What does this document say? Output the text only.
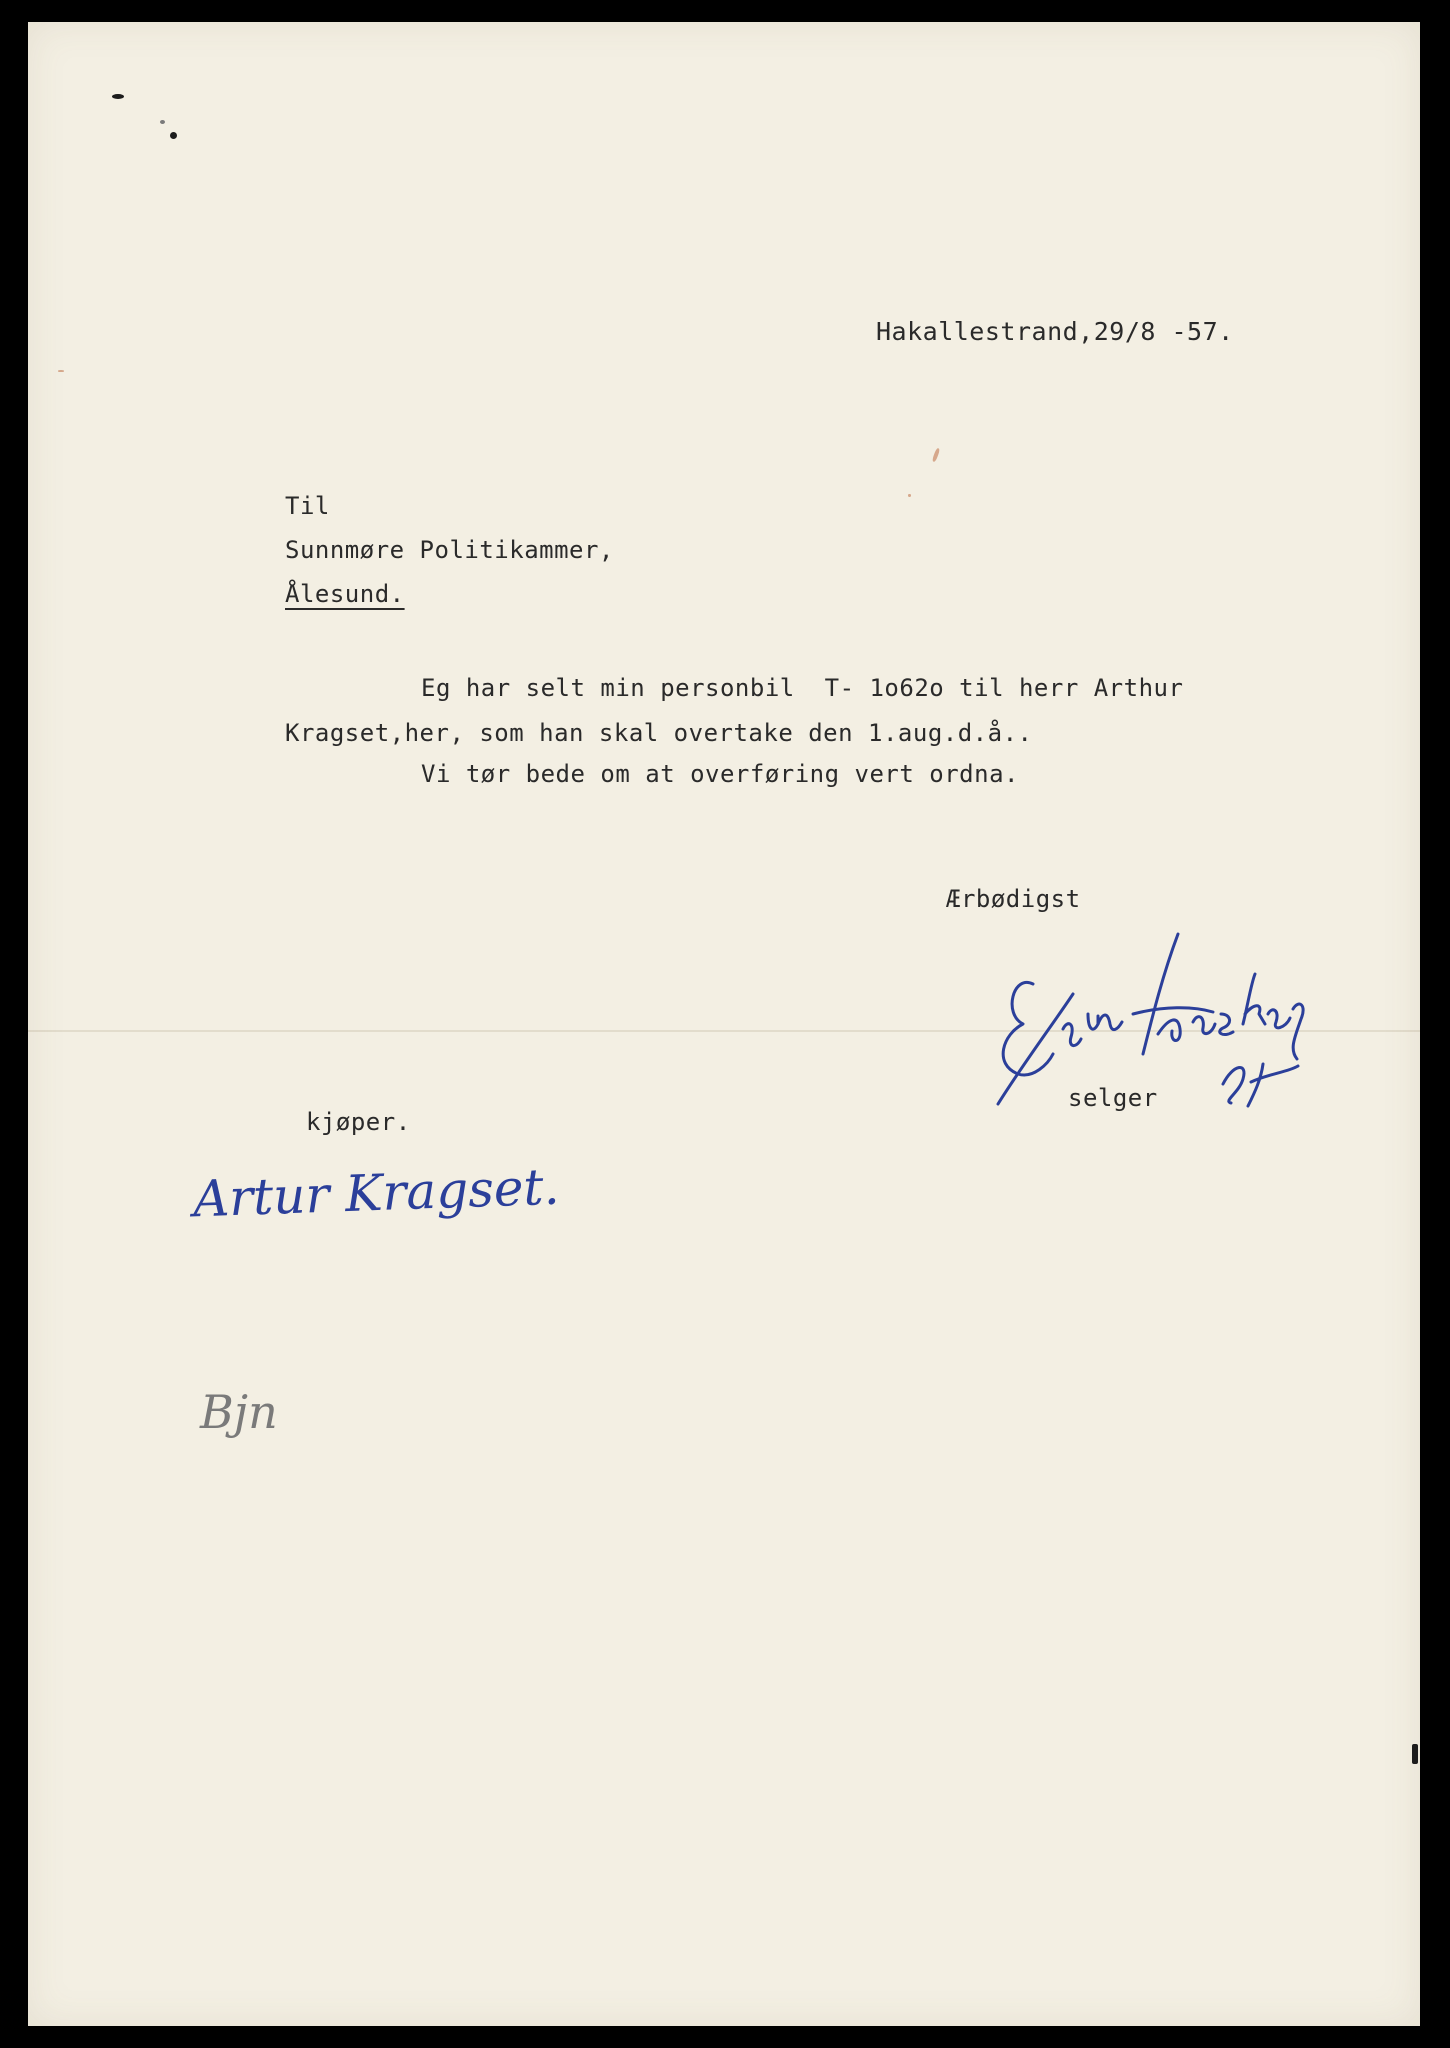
Hakallestrand,29/8 -57.

Til

Sunnmøre Politikammer,

Ålesund.

Eg har selt min personbil  T- 1o62o til herr Arthur

Kragset,her, som han skal overtake den 1.aug.d.å..

Vi tør bede om at overføring vert ordna.

Ærbødigst

selger

kjøper.

Artur Kragset.
Bjn
